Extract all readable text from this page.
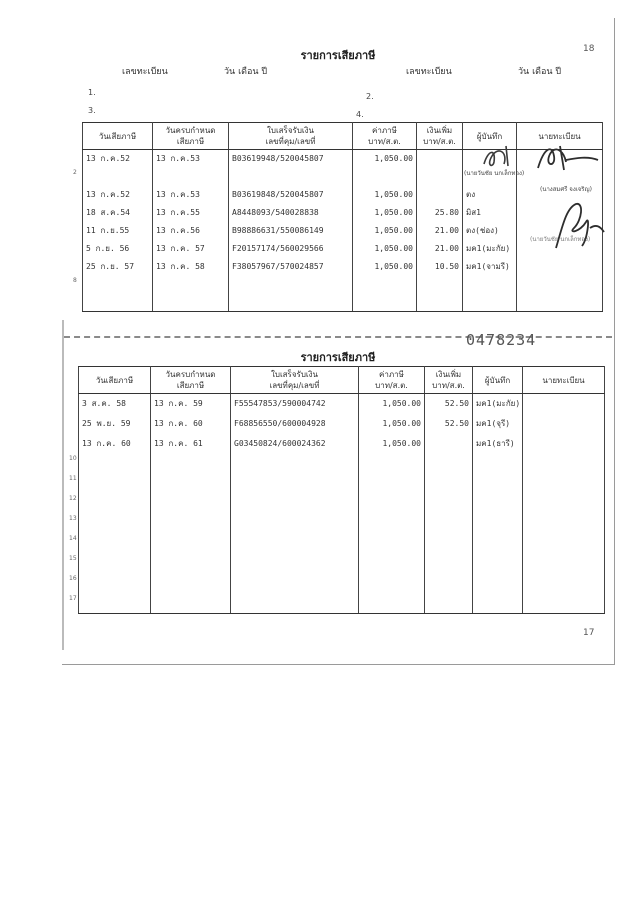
18
รายการเสียภาษี
เลขทะเบียน	วัน เดือน ปี	เลขทะเบียน	วัน เดือน ปี
1.	2.
3.	4.
วันเสียภาษี	วันครบกำหนด
เสียภาษี	ใบเสร็จรับเงิน
เลขที่คุม/เลขที่	ค่าภาษี
บาท/ส.ต.	เงินเพิ่ม
บาท/ส.ต.	ผู้บันทึก	นายทะเบียน
13 ก.ค.52	13 ก.ค.53	B03619948/520045807	1,050.00			

2						

13 ก.ค.52	13 ก.ค.53	B03619848/520045807	1,050.00		ตง	
18 ส.ค.54	13 ก.ค.55	A8448093/540028838	1,050.00	25.80	มิส1	
11 ก.ย.55	13 ก.ค.56	B98886631/550086149	1,050.00	21.00	ตง(ช่อง)	
5 ก.ย. 56	13 ก.ค. 57	F20157174/560029566	1,050.00	21.00	มค1(มะกัย)	
25 ก.ย. 57	13 ก.ค. 58	F38057967/570024857	1,050.00	10.50	มค1(จามรี)	

8						

(นายวันชัย นกเล็กทอง)
(นางสมศรี จงเจริญ)
(นายวันชัย นกเล็กทอง)
0478234
รายการเสียภาษี
วันเสียภาษี	วันครบกำหนด
เสียภาษี	ใบเสร็จรับเงิน
เลขที่คุม/เลขที่	ค่าภาษี
บาท/ส.ต.	เงินเพิ่ม
บาท/ส.ต.	ผู้บันทึก	นายทะเบียน
3 ส.ค. 58	13 ก.ค. 59	F55547853/590004742	1,050.00	52.50	มค1(มะกัย)	
25 พ.ย. 59	13 ก.ค. 60	F68856550/600004928	1,050.00	52.50	มค1(จุรี)	
13 ก.ค. 60	13 ก.ค. 61	G03450824/600024362	1,050.00		มค1(ธารี)	

10						

11						

12						

13						

14						

15						

16						

17						

17
